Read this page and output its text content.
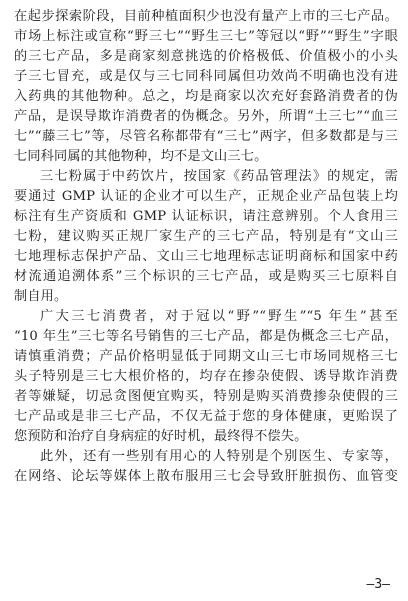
在起步探索阶段，目前种植面积少也没有量产上市的三七产品。
市场上标注或宣称“野三七”“野生三七”等冠以“野”“野生”字眼
的三七产品，多是商家刻意挑选的价格极低、价值极小的小头
子三七冒充，或是仅与三七同科同属但功效尚不明确也没有进
入药典的其他物种。总之，均是商家以次充好套路消费者的伪
产品，是误导欺诈消费者的伪概念。另外，所谓“土三七”“血三
七”“藤三七”等，尽管名称都带有“三七”两字，但多数都是与三
七同科同属的其他物种，均不是文山三七。
三七粉属于中药饮片，按国家《药品管理法》的规定，需
要通过 GMP 认证的企业才可以生产，正规企业产品包装上均
标注有生产资质和 GMP 认证标识，请注意辨别。个人食用三
七粉，建议购买正规厂家生产的三七产品，特别是有“文山三
七地理标志保护产品、文山三七地理标志证明商标和国家中药
材流通追溯体系”三个标识的三七产品，或是购买三七原料自
制自用。
广大三七消费者，对于冠以“野”“野生”“5 年生”甚至
“10 年生”三七等名号销售的三七产品，都是伪概念三七产品，
请慎重消费；产品价格明显低于同期文山三七市场同规格三七
头子特别是三七大根价格的，均存在掺杂使假、诱导欺诈消费
者等嫌疑，切忌贪图便宜购买，特别是购买消费掺杂使假的三
七产品或是非三七产品，不仅无益于您的身体健康，更贻误了
您预防和治疗自身病症的好时机，最终得不偿失。
此外，还有一些别有用心的人特别是个别医生、专家等，
在网络、论坛等媒体上散布服用三七会导致肝脏损伤、血管变
—3—
